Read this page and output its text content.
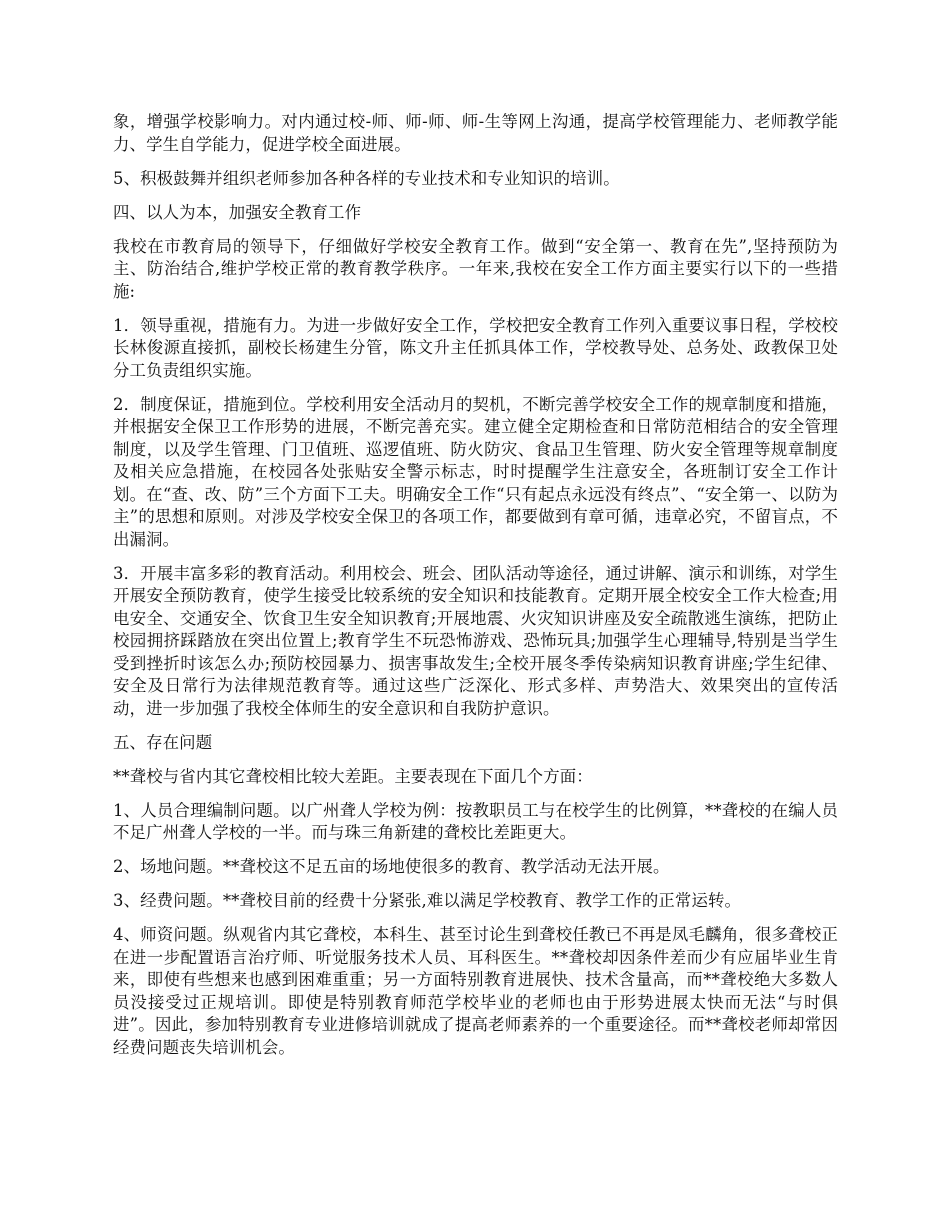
象，增强学校影响力。对内通过校-师、师-师、师-生等网上沟通，提高学校管理能力、老师教学能力、学生自学能力，促进学校全面进展。

5、积极鼓舞并组织老师参加各种各样的专业技术和专业知识的培训。

四、以人为本，加强安全教育工作

我校在市教育局的领导下，仔细做好学校安全教育工作。做到“安全第一、教育在先”,坚持预防为主、防治结合,维护学校正常的教育教学秩序。一年来,我校在安全工作方面主要实行以下的一些措施:

1．领导重视，措施有力。为进一步做好安全工作，学校把安全教育工作列入重要议事日程，学校校长林俊源直接抓，副校长杨建生分管，陈文升主任抓具体工作，学校教导处、总务处、政教保卫处分工负责组织实施。

2．制度保证，措施到位。学校利用安全活动月的契机，不断完善学校安全工作的规章制度和措施，并根据安全保卫工作形势的进展，不断完善充实。建立健全定期检查和日常防范相结合的安全管理制度，以及学生管理、门卫值班、巡逻值班、防火防灾、食品卫生管理、防火安全管理等规章制度及相关应急措施，在校园各处张贴安全警示标志，时时提醒学生注意安全，各班制订安全工作计划。在“查、改、防”三个方面下工夫。明确安全工作“只有起点永远没有终点”、“安全第一、以防为主”的思想和原则。对涉及学校安全保卫的各项工作，都要做到有章可循，违章必究，不留盲点，不出漏洞。

3．开展丰富多彩的教育活动。利用校会、班会、团队活动等途径，通过讲解、演示和训练，对学生开展安全预防教育，使学生接受比较系统的安全知识和技能教育。定期开展全校安全工作大检查;用电安全、交通安全、饮食卫生安全知识教育;开展地震、火灾知识讲座及安全疏散逃生演练，把防止校园拥挤踩踏放在突出位置上;教育学生不玩恐怖游戏、恐怖玩具;加强学生心理辅导,特别是当学生受到挫折时该怎么办;预防校园暴力、损害事故发生;全校开展冬季传染病知识教育讲座;学生纪律、安全及日常行为法律规范教育等。通过这些广泛深化、形式多样、声势浩大、效果突出的宣传活动，进一步加强了我校全体师生的安全意识和自我防护意识。

五、存在问题

**聋校与省内其它聋校相比较大差距。主要表现在下面几个方面：

1、人员合理编制问题。以广州聋人学校为例：按教职员工与在校学生的比例算，**聋校的在编人员不足广州聋人学校的一半。而与珠三角新建的聋校比差距更大。

2、场地问题。**聋校这不足五亩的场地使很多的教育、教学活动无法开展。

3、经费问题。**聋校目前的经费十分紧张,难以满足学校教育、教学工作的正常运转。

4、师资问题。纵观省内其它聋校，本科生、甚至讨论生到聋校任教已不再是凤毛麟角，很多聋校正在进一步配置语言治疗师、听觉服务技术人员、耳科医生。**聋校却因条件差而少有应届毕业生肯来，即使有些想来也感到困难重重；另一方面特别教育进展快、技术含量高，而**聋校绝大多数人员没接受过正规培训。即使是特别教育师范学校毕业的老师也由于形势进展太快而无法“与时俱进”。因此，参加特别教育专业进修培训就成了提高老师素养的一个重要途径。而**聋校老师却常因经费问题丧失培训机会。
